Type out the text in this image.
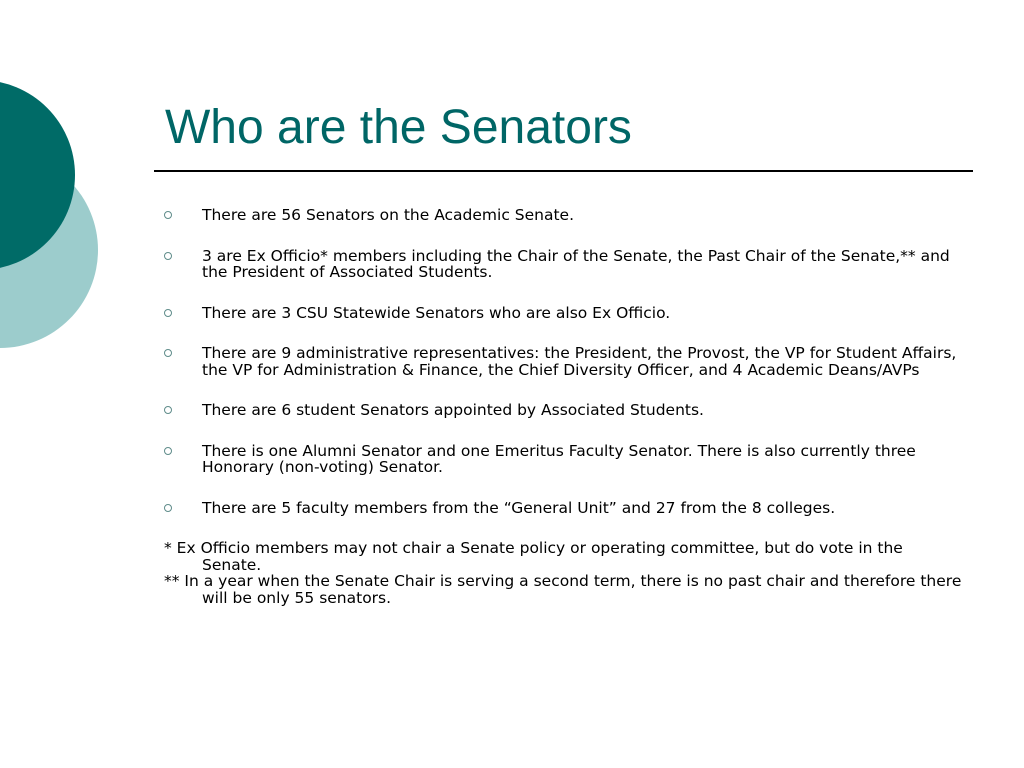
Who are the Senators
There are 56 Senators on the Academic Senate.
3 are Ex Officio* members including the Chair of the Senate, the Past Chair of the Senate,** and the President of Associated Students.
There are 3 CSU Statewide Senators who are also Ex Officio.
There are 9 administrative representatives: the President, the Provost, the VP for Student Affairs, the VP for Administration & Finance, the Chief Diversity Officer, and 4 Academic Deans/AVPs
There are 6 student Senators appointed by Associated Students.
There is one Alumni Senator and one Emeritus Faculty Senator. There is also currently three Honorary (non-voting) Senator.
There are 5 faculty members from the “General Unit” and 27 from the 8 colleges.

* Ex Officio members may not chair a Senate policy or operating committee, but do vote in the Senate.

** In a year when the Senate Chair is serving a second term, there is no past chair and therefore there will be only 55 senators.
